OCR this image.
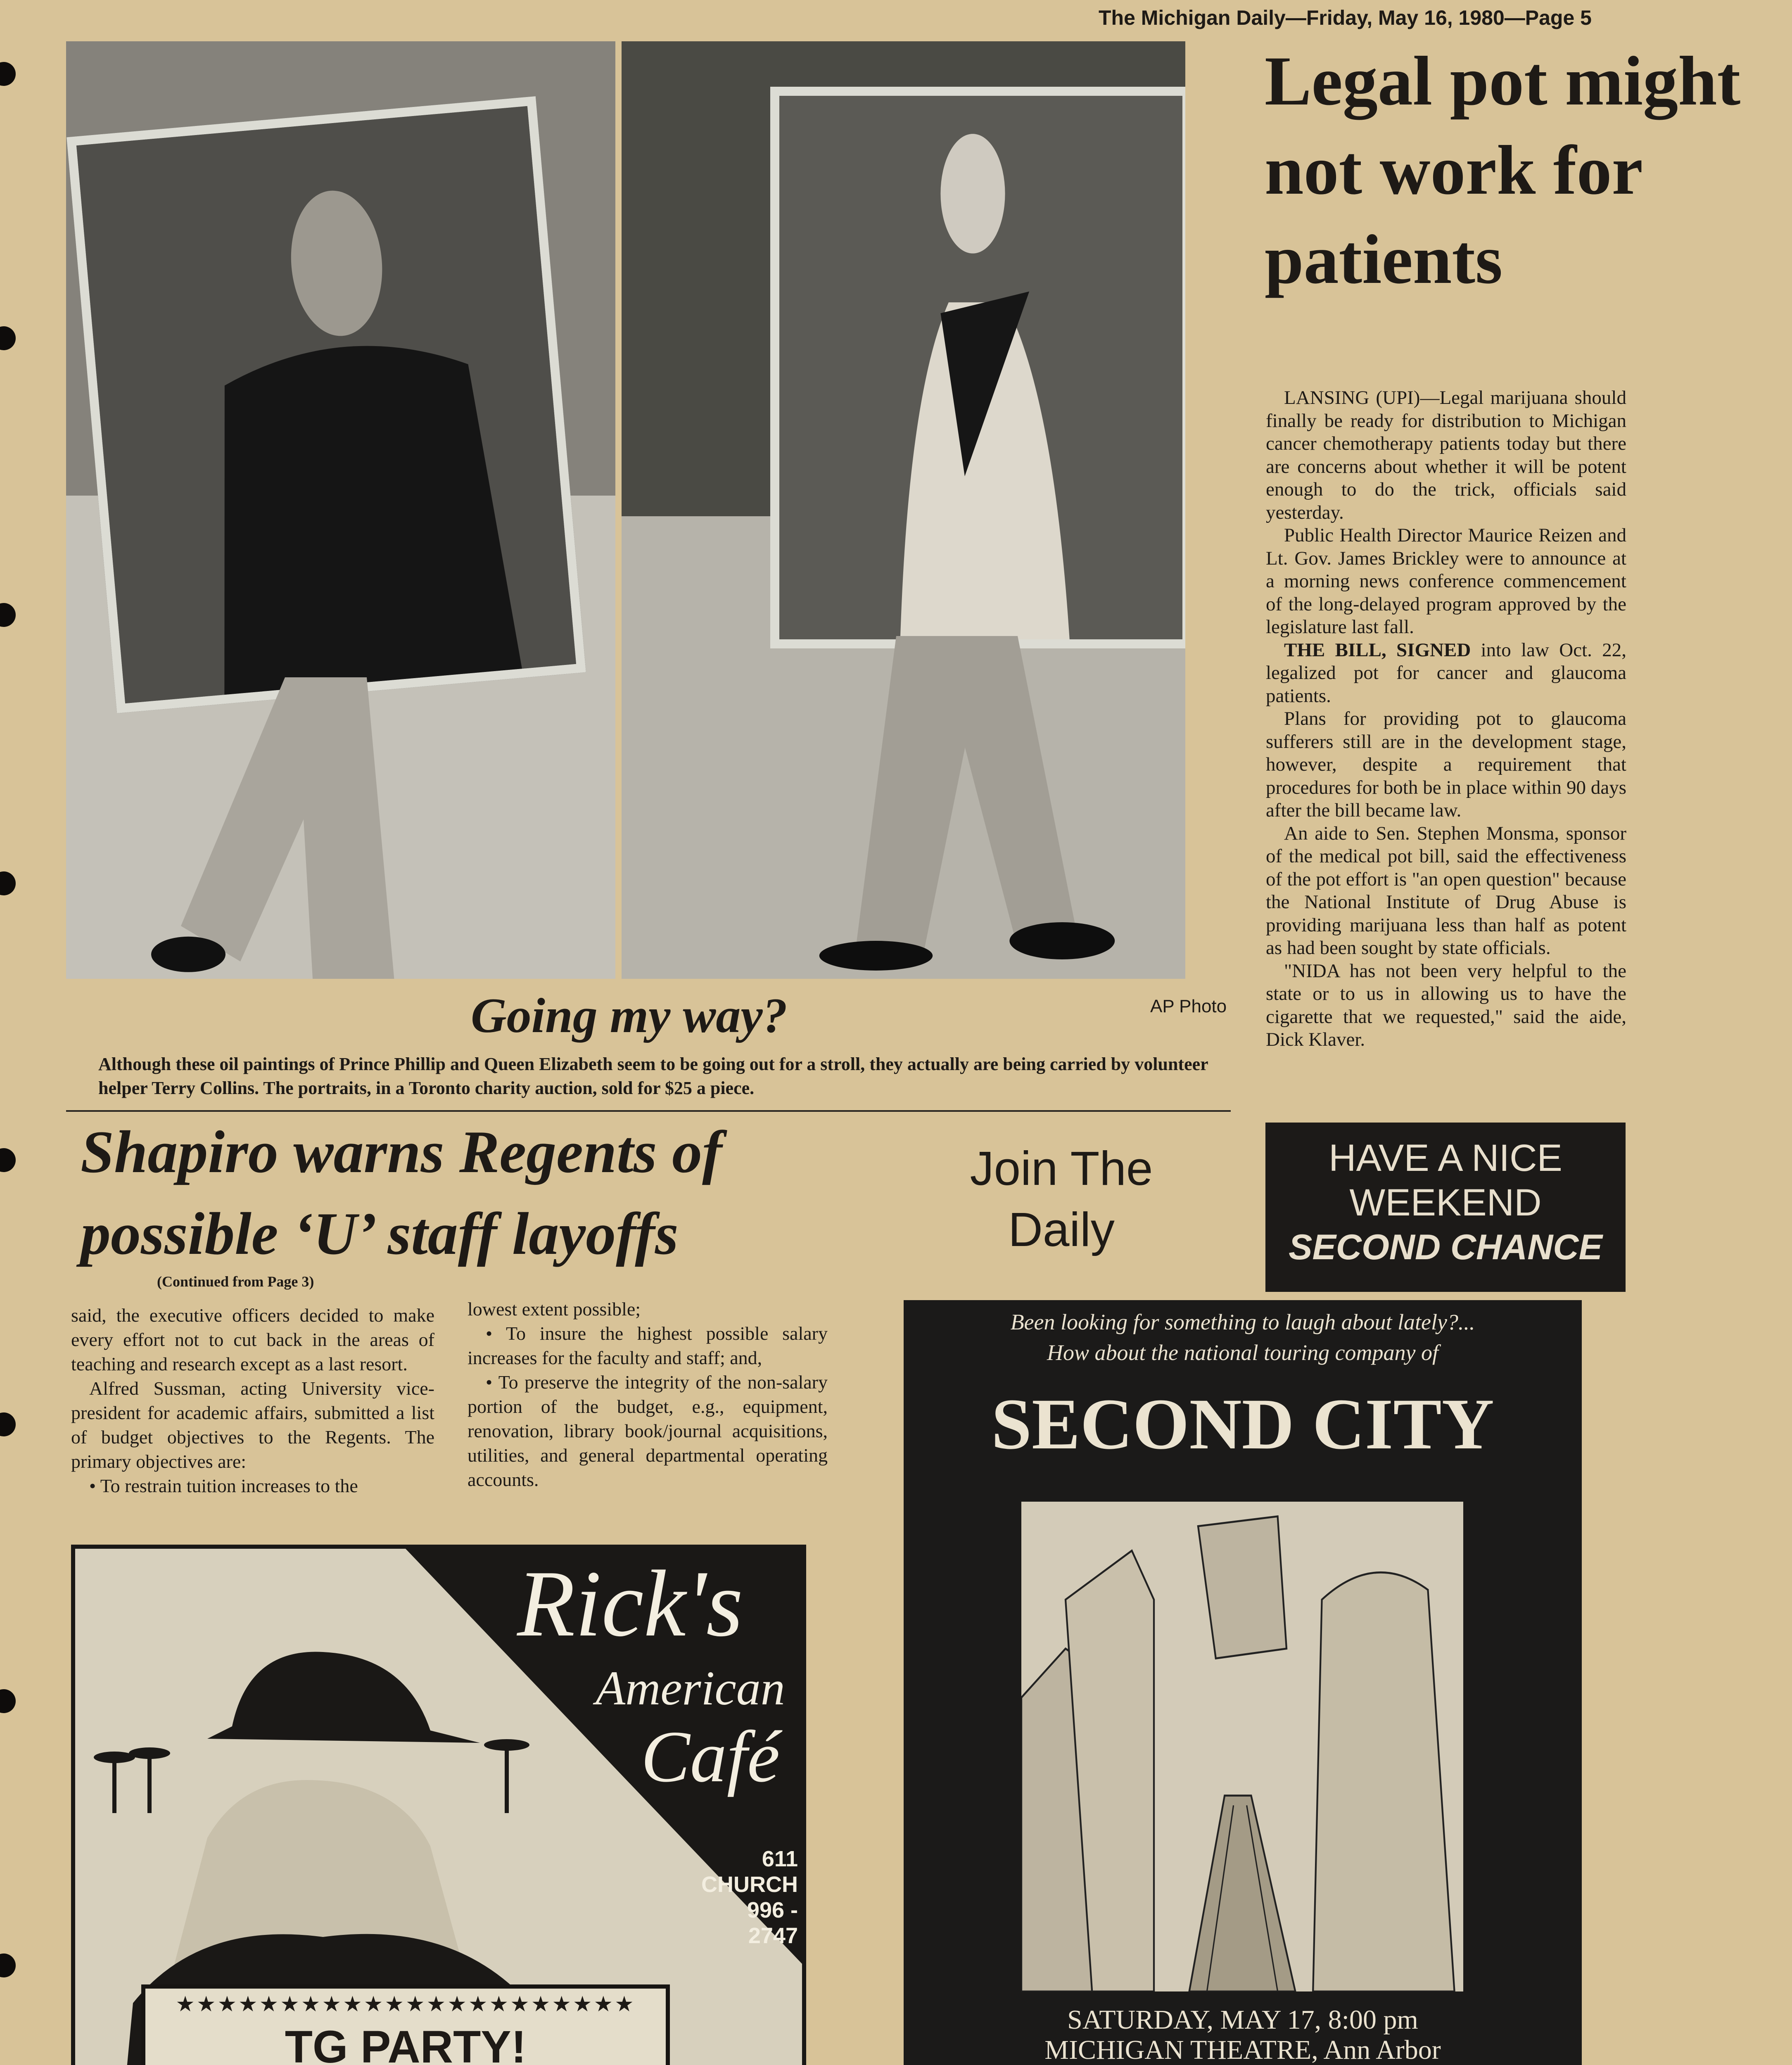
The Michigan Daily—Friday, May 16, 1980—Page 5
Going my way?	AP Photo
Although these oil paintings of Prince Phillip and Queen Elizabeth seem to be going out for a stroll, they actually are being carried by volunteer helper Terry Collins. The portraits, in a Toronto charity auction, sold for $25 a piece.
Legal pot might not work for patients

LANSING (UPI)—Legal marijuana should finally be ready for distribution to Michigan cancer chemotherapy patients today but there are concerns about whether it will be potent enough to do the trick, officials said yesterday.

Public Health Director Maurice Reizen and Lt. Gov. James Brickley were to announce at a morning news conference commencement of the long-delayed program approved by the legislature last fall.

THE BILL, SIGNED into law Oct. 22, legalized pot for cancer and glaucoma patients.

Plans for providing pot to glaucoma sufferers still are in the development stage, however, despite a requirement that procedures for both be in place within 90 days after the bill became law.

An aide to Sen. Stephen Monsma, sponsor of the medical pot bill, said the effectiveness of the pot effort is "an open question" because the National Institute of Drug Abuse is providing marijuana less than half as potent as had been sought by state officials.

"NIDA has not been very helpful to the state or to us in allowing us to have the cigarette that we requested," said the aide, Dick Klaver.

Shapiro warns Regents of possible ‘U’ staff layoffs
(Continued from Page 3)

said, the executive officers decided to make every effort not to cut back in the areas of teaching and research except as a last resort.

Alfred Sussman, acting University vice-president for academic affairs, submitted a list of budget objectives to the Regents. The primary objectives are:

• To restrain tuition increases to the

lowest extent possible;

• To insure the highest possible salary increases for the faculty and staff; and,

• To preserve the integrity of the non-salary portion of the budget, e.g., equipment, renovation, library book/journal acquisitions, utilities, and general departmental operating accounts.

Join The Daily
HAVE A NICE
WEEKEND
SECOND CHANCE
Been looking for something to laugh about lately?...
How about the national touring company of
SECOND CITY
SATURDAY, MAY 17, 8:00 pm
MICHIGAN THEATRE, Ann Arbor
Rick's
American
Café
611
CHURCH
996 -
2747
★★★★★★★★★★★★★★★★★★★★★★
TG PARTY!
